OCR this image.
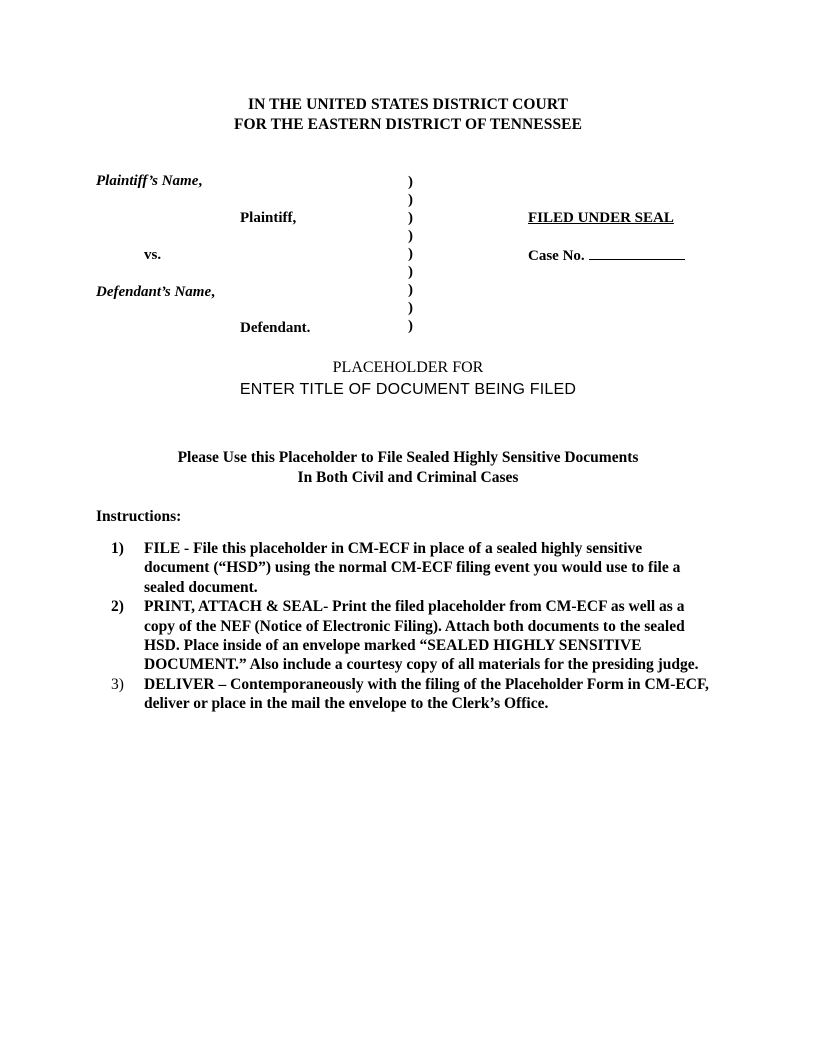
IN THE UNITED STATES DISTRICT COURT
FOR THE EASTERN DISTRICT OF TENNESSEE
Plaintiff’s Name,
Plaintiff,
vs.
Defendant’s Name,
Defendant.
)
)
)
)
)
)
)
)
)
FILED UNDER SEAL
Case No.
PLACEHOLDER FOR
ENTER TITLE OF DOCUMENT BEING FILED
Please Use this Placeholder to File Sealed Highly Sensitive Documents
In Both Civil and Criminal Cases
Instructions:
1) FILE - File this placeholder in CM-ECF in place of a sealed highly sensitive document (“HSD”) using the normal CM-ECF filing event you would use to file a sealed document.
2) PRINT, ATTACH & SEAL- Print the filed placeholder from CM-ECF as well as a copy of the NEF (Notice of Electronic Filing). Attach both documents to the sealed HSD. Place inside of an envelope marked “SEALED HIGHLY SENSITIVE DOCUMENT.” Also include a courtesy copy of all materials for the presiding judge.
3) DELIVER – Contemporaneously with the filing of the Placeholder Form in CM-ECF, deliver or place in the mail the envelope to the Clerk’s Office.
